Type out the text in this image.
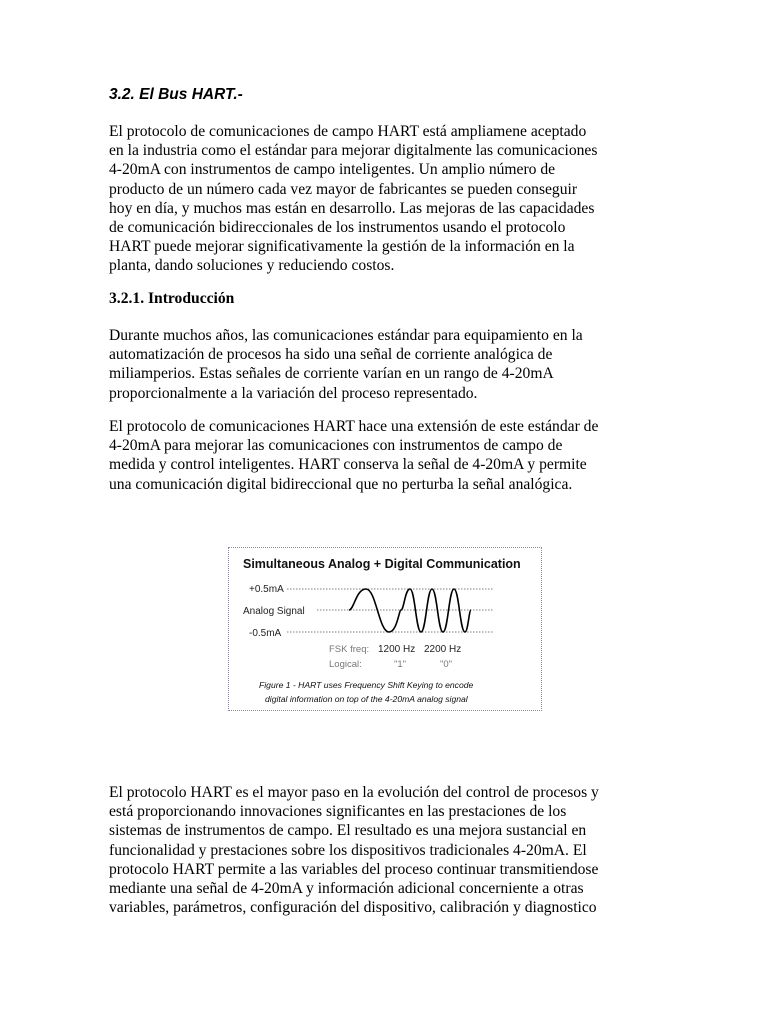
3.2. El Bus HART.-

El protocolo de comunicaciones de campo HART está ampliamene aceptado
en la industria como el estándar para mejorar digitalmente las comunicaciones
4-20mA con instrumentos de campo inteligentes. Un amplio número de
producto de un número cada vez mayor de fabricantes se pueden conseguir
hoy en día, y muchos mas están en desarrollo. Las mejoras de las capacidades
de comunicación bidireccionales de los instrumentos usando el protocolo
HART puede mejorar significativamente la gestión de la información en la
planta, dando soluciones y reduciendo costos.

3.2.1. Introducción

Durante muchos años, las comunicaciones estándar para equipamiento en la
automatización de procesos ha sido una señal de corriente analógica de
miliamperios. Estas señales de corriente varían en un rango de 4-20mA
proporcionalmente a la variación del proceso representado.

El protocolo de comunicaciones HART hace una extensión de este estándar de
4-20mA para mejorar las comunicaciones con instrumentos de campo de
medida y control inteligentes. HART conserva la señal de 4-20mA y permite
una comunicación digital bidireccional que no perturba la señal analógica.

El protocolo HART es el mayor paso en la evolución del control de procesos y
está proporcionando innovaciones significantes en las prestaciones de los
sistemas de instrumentos de campo. El resultado es una mejora sustancial en
funcionalidad y prestaciones sobre los dispositivos tradicionales 4-20mA. El
protocolo HART permite a las variables del proceso continuar transmitiendose
mediante una señal de 4-20mA y información adicional concerniente a otras
variables, parámetros, configuración del dispositivo, calibración y diagnostico

Simultaneous Analog + Digital Communication
+0.5mA
Analog Signal
-0.5mA
FSK freq: 1200 Hz 2200 Hz
Logical:	"1"	"0"
Figure 1 - HART uses Frequency Shift Keying to encode
digital information on top of the 4-20mA analog signal
